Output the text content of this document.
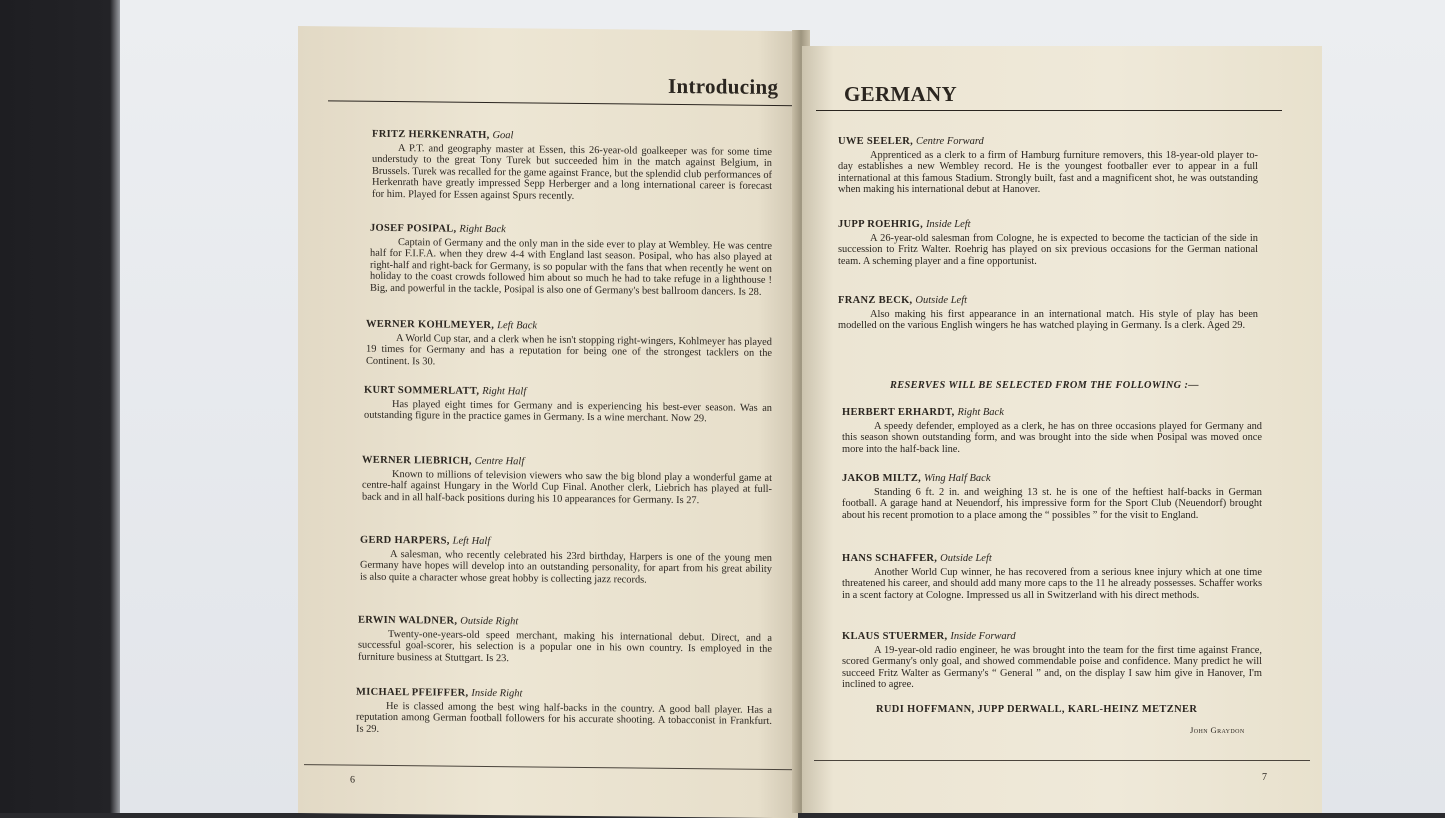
Introducing
FRITZ HERKENRATH, Goal

A P.T. and geography master at Essen, this 26-year-old goalkeeper was for some time understudy to the great Tony Turek but succeeded him in the match against Belgium, in Brussels. Turek was recalled for the game against France, but the splendid club performances of Herkenrath have greatly impressed Sepp Herberger and a long international career is forecast for him. Played for Essen against Spurs recently.

JOSEF POSIPAL, Right Back

Captain of Germany and the only man in the side ever to play at Wembley. He was centre half for F.I.F.A. when they drew 4-4 with England last season. Posipal, who has also played at right-half and right-back for Germany, is so popular with the fans that when recently he went on holiday to the coast crowds followed him about so much he had to take refuge in a lighthouse ! Big, and powerful in the tackle, Posipal is also one of Germany's best ballroom dancers. Is 28.

WERNER KOHLMEYER, Left Back

A World Cup star, and a clerk when he isn't stopping right-wingers, Kohlmeyer has played 19 times for Germany and has a reputation for being one of the strongest tacklers on the Continent. Is 30.

KURT SOMMERLATT, Right Half

Has played eight times for Germany and is experiencing his best-ever season. Was an outstanding figure in the practice games in Germany. Is a wine merchant. Now 29.

WERNER LIEBRICH, Centre Half

Known to millions of television viewers who saw the big blond play a wonderful game at centre-half against Hungary in the World Cup Final. Another clerk, Liebrich has played at full-back and in all half-back positions during his 10 appearances for Germany. Is 27.

GERD HARPERS, Left Half

A salesman, who recently celebrated his 23rd birthday, Harpers is one of the young men Germany have hopes will develop into an outstanding personality, for apart from his great ability is also quite a character whose great hobby is collecting jazz records.

ERWIN WALDNER, Outside Right

Twenty-one-years-old speed merchant, making his international debut. Direct, and a successful goal-scorer, his selection is a popular one in his own country. Is employed in the furniture business at Stuttgart. Is 23.

MICHAEL PFEIFFER, Inside Right

He is classed among the best wing half-backs in the country. A good ball player. Has a reputation among German football followers for his accurate shooting. A tobacconist in Frankfurt. Is 29.

6
GERMANY
UWE SEELER, Centre Forward

Apprenticed as a clerk to a firm of Hamburg furniture removers, this 18-year-old player to-day establishes a new Wembley record. He is the youngest footballer ever to appear in a full international at this famous Stadium. Strongly built, fast and a magnificent shot, he was outstanding when making his international debut at Hanover.

JUPP ROEHRIG, Inside Left

A 26-year-old salesman from Cologne, he is expected to become the tactician of the side in succession to Fritz Walter. Roehrig has played on six previous occasions for the German national team. A scheming player and a fine opportunist.

FRANZ BECK, Outside Left

Also making his first appearance in an international match. His style of play has been modelled on the various English wingers he has watched playing in Germany. Is a clerk. Aged 29.

RESERVES WILL BE SELECTED FROM THE FOLLOWING :—
HERBERT ERHARDT, Right Back

A speedy defender, employed as a clerk, he has on three occasions played for Germany and this season shown outstanding form, and was brought into the side when Posipal was moved once more into the half-back line.

JAKOB MILTZ, Wing Half Back

Standing 6 ft. 2 in. and weighing 13 st. he is one of the heftiest half-backs in German football. A garage hand at Neuendorf, his impressive form for the Sport Club (Neuendorf) brought about his recent promotion to a place among the “ possibles ” for the visit to England.

HANS SCHAFFER, Outside Left

Another World Cup winner, he has recovered from a serious knee injury which at one time threatened his career, and should add many more caps to the 11 he already possesses. Schaffer works in a scent factory at Cologne. Impressed us all in Switzerland with his direct methods.

KLAUS STUERMER, Inside Forward

A 19-year-old radio engineer, he was brought into the team for the first time against France, scored Germany's only goal, and showed commendable poise and confidence. Many predict he will succeed Fritz Walter as Germany's “ General ” and, on the display I saw him give in Hanover, I'm inclined to agree.

RUDI HOFFMANN, JUPP DERWALL, KARL-HEINZ METZNER
John Graydon
7
